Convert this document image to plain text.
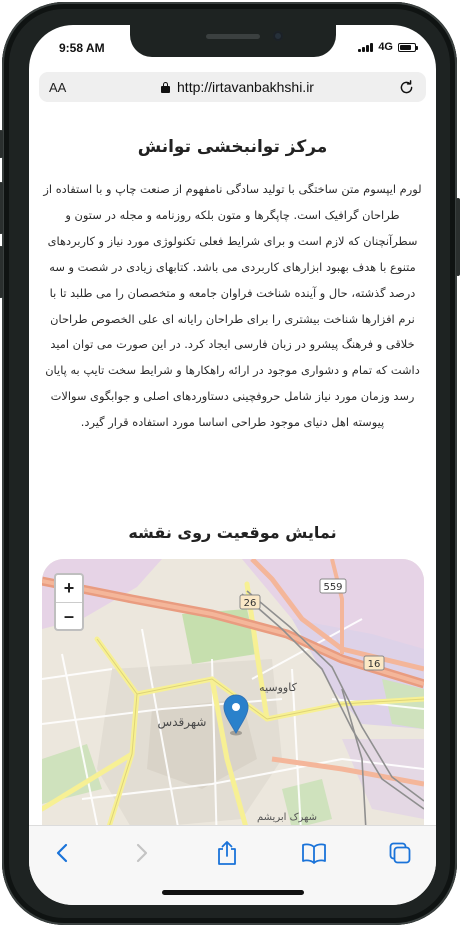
9:58 AM	4G
AA	http://irtavanbakhshi.ir
مرکز توانبخشی توانش
لورم ایپسوم متن ساختگی با تولید سادگی نامفهوم از صنعت چاپ و با استفاده از طراحان گرافیک است. چاپگرها و متون بلکه روزنامه و مجله در ستون و سطرآنچنان که لازم است و برای شرایط فعلی تکنولوژی مورد نیاز و کاربردهای متنوع با هدف بهبود ابزارهای کاربردی می باشد. کتابهای زیادی در شصت و سه درصد گذشته، حال و آینده شناخت فراوان جامعه و متخصصان را می طلبد تا با نرم افزارها شناخت بیشتری را برای طراحان رایانه ای علی الخصوص طراحان خلاقی و فرهنگ پیشرو در زبان فارسی ایجاد کرد. در این صورت می توان امید داشت که تمام و دشواری موجود در ارائه راهکارها و شرایط سخت تایپ به پایان رسد وزمان مورد نیاز شامل حروفچینی دستاوردهای اصلی و جوابگوی سوالات پیوسته اهل دنیای موجود طراحی اساسا مورد استفاده قرار گیرد.
نمایش موقعیت روی نقشه
559
26
16
شهرقدس
کاووسیه
شهرک ابریشم
+
–
